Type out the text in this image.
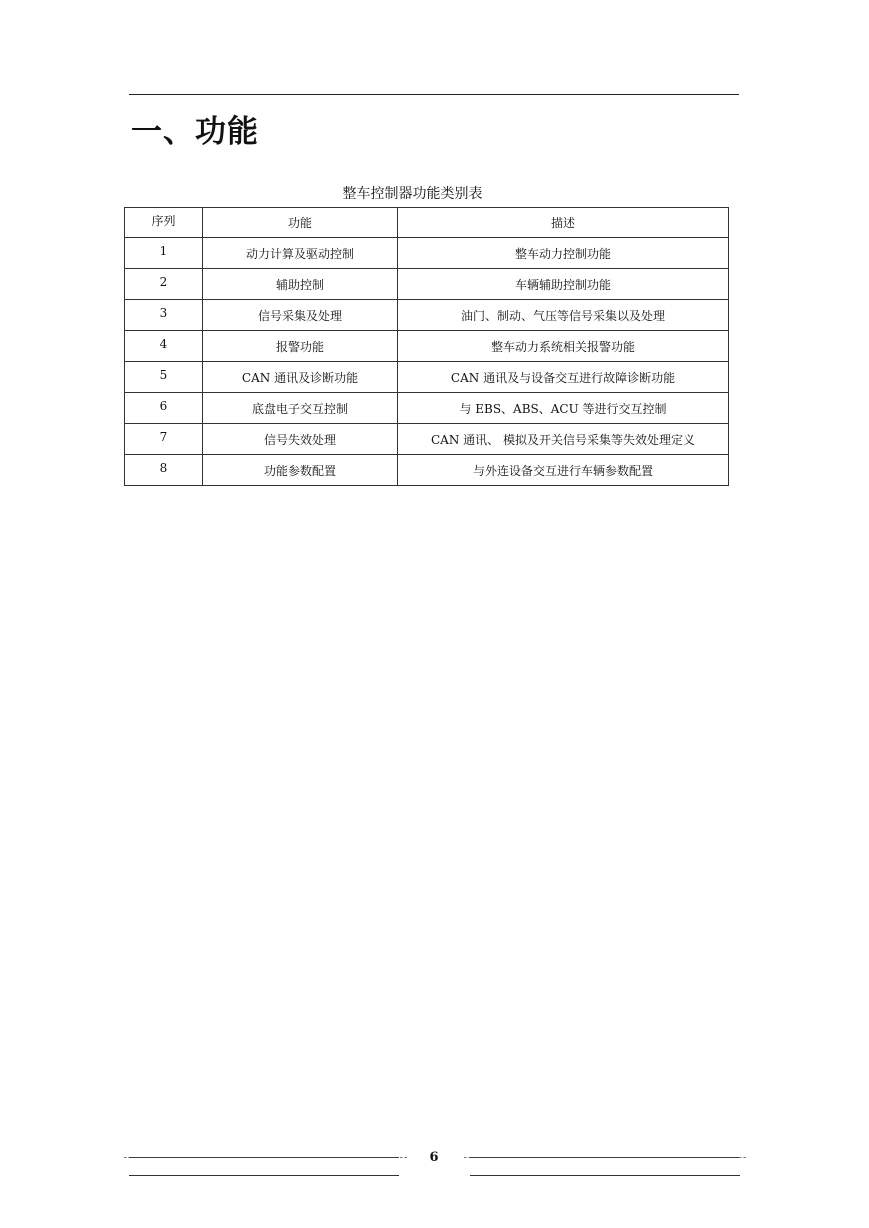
一、功能
整车控制器功能类别表
序列	功能	描述
1	动力计算及驱动控制	整车动力控制功能
2	辅助控制	车辆辅助控制功能
3	信号采集及处理	油门、制动、气压等信号采集以及处理
4	报警功能	整车动力系统相关报警功能
5	CAN 通讯及诊断功能	CAN 通讯及与设备交互进行故障诊断功能
6	底盘电子交互控制	与 EBS、ABS、ACU 等进行交互控制
7	信号失效处理	CAN 通讯、 模拟及开关信号采集等失效处理定义
8	功能参数配置	与外连设备交互进行车辆参数配置
6
